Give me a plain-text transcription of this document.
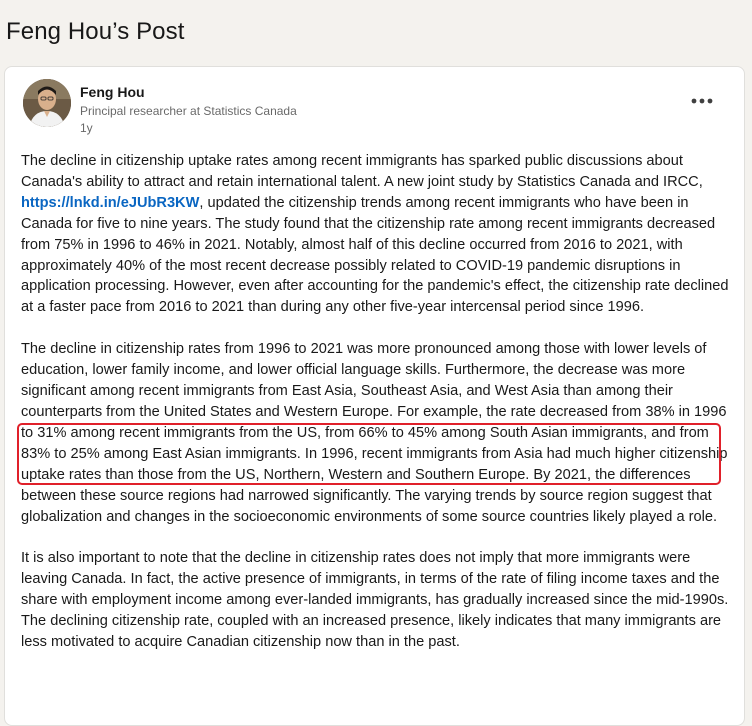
Feng Hou’s Post
Feng Hou
Principal researcher at Statistics Canada
1y

The decline in citizenship uptake rates among recent immigrants has sparked public discussions about Canada's ability to attract and retain international talent. A new joint study by Statistics Canada and IRCC, https://lnkd.in/eJUbR3KW, updated the citizenship trends among recent immigrants who have been in Canada for five to nine years. The study found that the citizenship rate among recent immigrants decreased from 75% in 1996 to 46% in 2021. Notably, almost half of this decline occurred from 2016 to 2021, with approximately 40% of the most recent decrease possibly related to COVID-19 pandemic disruptions in application processing. However, even after accounting for the pandemic's effect, the citizenship rate declined at a faster pace from 2016 to 2021 than during any other five-year intercensal period since 1996.

The decline in citizenship rates from 1996 to 2021 was more pronounced among those with lower levels of education, lower family income, and lower official language skills. Furthermore, the decrease was more significant among recent immigrants from East Asia, Southeast Asia, and West Asia than among their counterparts from the United States and Western Europe. For example, the rate decreased from 38% in 1996 to 31% among recent immigrants from the US, from 66% to 45% among South Asian immigrants, and from 83% to 25% among East Asian immigrants. In 1996, recent immigrants from Asia had much higher citizenship uptake rates than those from the US, Northern, Western and Southern Europe. By 2021, the differences between these source regions had narrowed significantly. The varying trends by source region suggest that globalization and changes in the socioeconomic environments of some source countries likely played a role.

It is also important to note that the decline in citizenship rates does not imply that more immigrants were leaving Canada. In fact, the active presence of immigrants, in terms of the rate of filing income taxes and the share with employment income among ever-landed immigrants, has gradually increased since the mid-1990s. The declining citizenship rate, coupled with an increased presence, likely indicates that many immigrants are less motivated to acquire Canadian citizenship now than in the past.
